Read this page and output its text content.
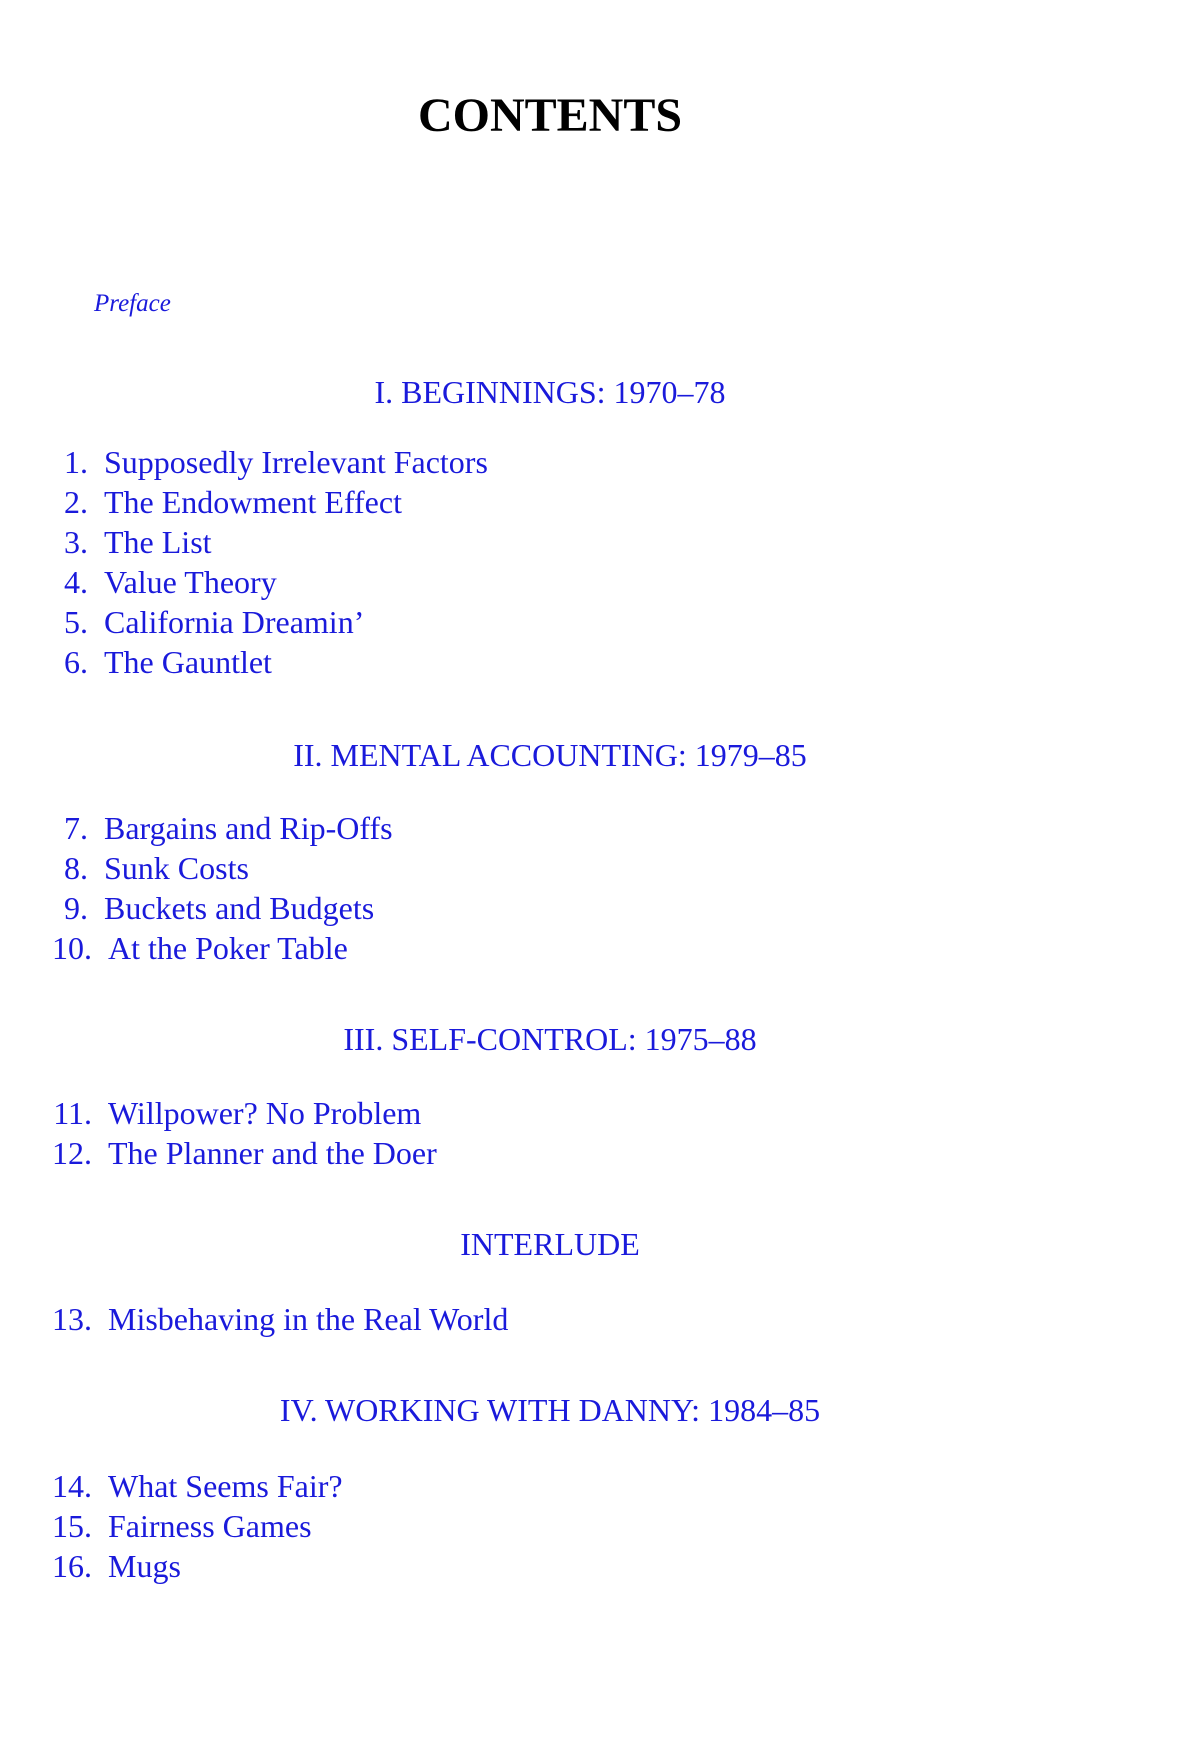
CONTENTS
Preface
I. BEGINNINGS: 1970–78
1. Supposedly Irrelevant Factors
2. The Endowment Effect
3. The List
4. Value Theory
5. California Dreamin’
6. The Gauntlet
II. MENTAL ACCOUNTING: 1979–85
7. Bargains and Rip-Offs
8. Sunk Costs
9. Buckets and Budgets
10. At the Poker Table
III. SELF-CONTROL: 1975–88
11. Willpower? No Problem
12. The Planner and the Doer
INTERLUDE
13. Misbehaving in the Real World
IV. WORKING WITH DANNY: 1984–85
14. What Seems Fair?
15. Fairness Games
16. Mugs
